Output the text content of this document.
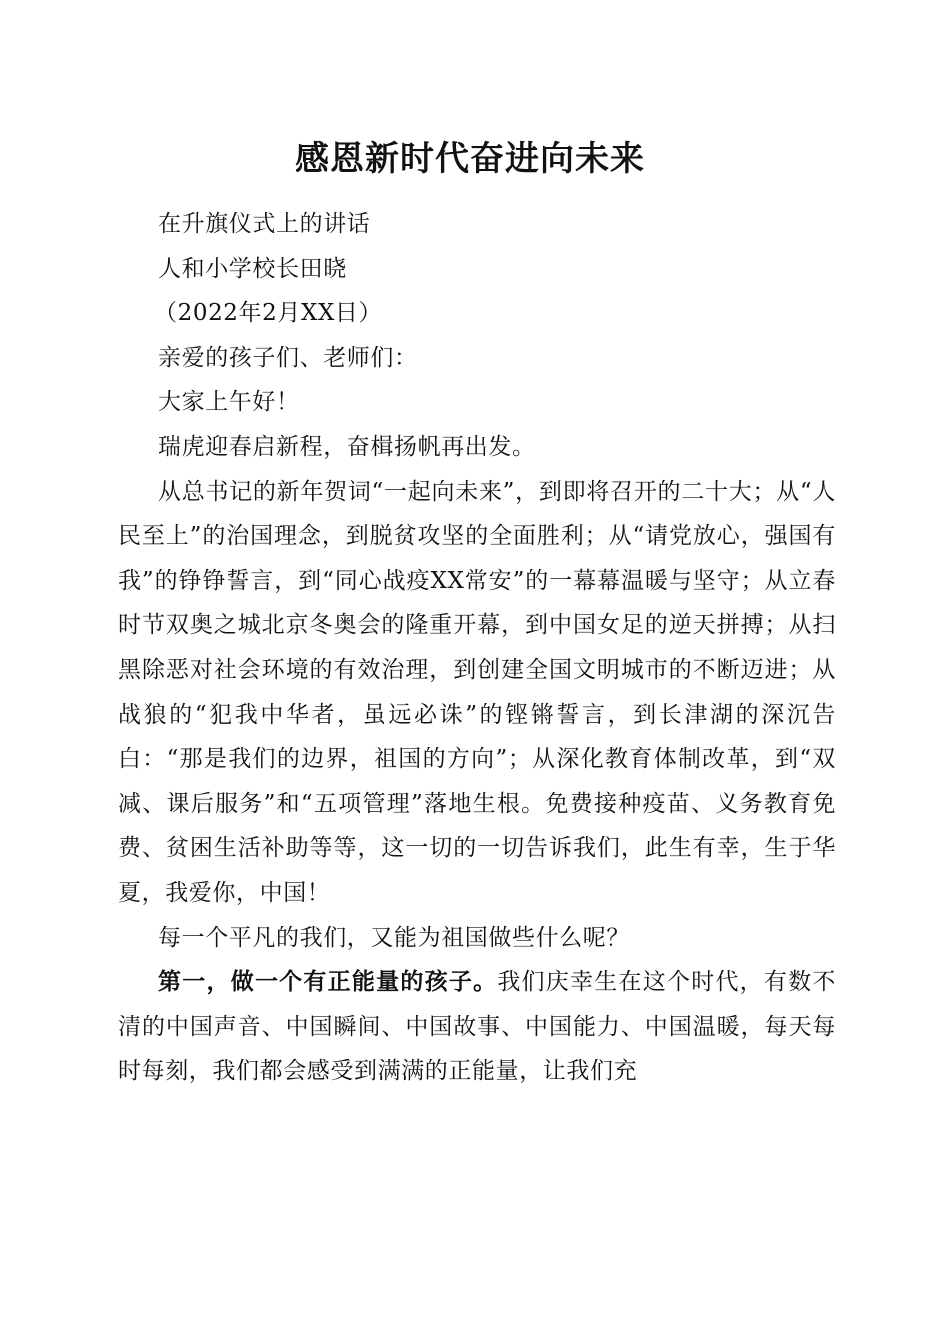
感恩新时代奋进向未来

在升旗仪式上的讲话

人和小学校长田晓

（2022年2月XX日）

亲爱的孩子们、老师们：

大家上午好！

瑞虎迎春启新程，奋楫扬帆再出发。

从总书记的新年贺词“一起向未来”，到即将召开的二十大；从“人民至上”的治国理念，到脱贫攻坚的全面胜利；从“请党放心，强国有我”的铮铮誓言，到“同心战疫XX常安”的一幕幕温暖与坚守；从立春时节双奥之城北京冬奥会的隆重开幕，到中国女足的逆天拼搏；从扫黑除恶对社会环境的有效治理，到创建全国文明城市的不断迈进；从战狼的“犯我中华者，虽远必诛”的铿锵誓言，到长津湖的深沉告白：“那是我们的边界，祖国的方向”；从深化教育体制改革，到“双减、课后服务”和“五项管理”落地生根。免费接种疫苗、义务教育免费、贫困生活补助等等，这一切的一切告诉我们，此生有幸，生于华夏，我爱你，中国！

每一个平凡的我们，又能为祖国做些什么呢？

第一，做一个有正能量的孩子。我们庆幸生在这个时代，有数不清的中国声音、中国瞬间、中国故事、中国能力、中国温暖，每天每时每刻，我们都会感受到满满的正能量，让我们充
